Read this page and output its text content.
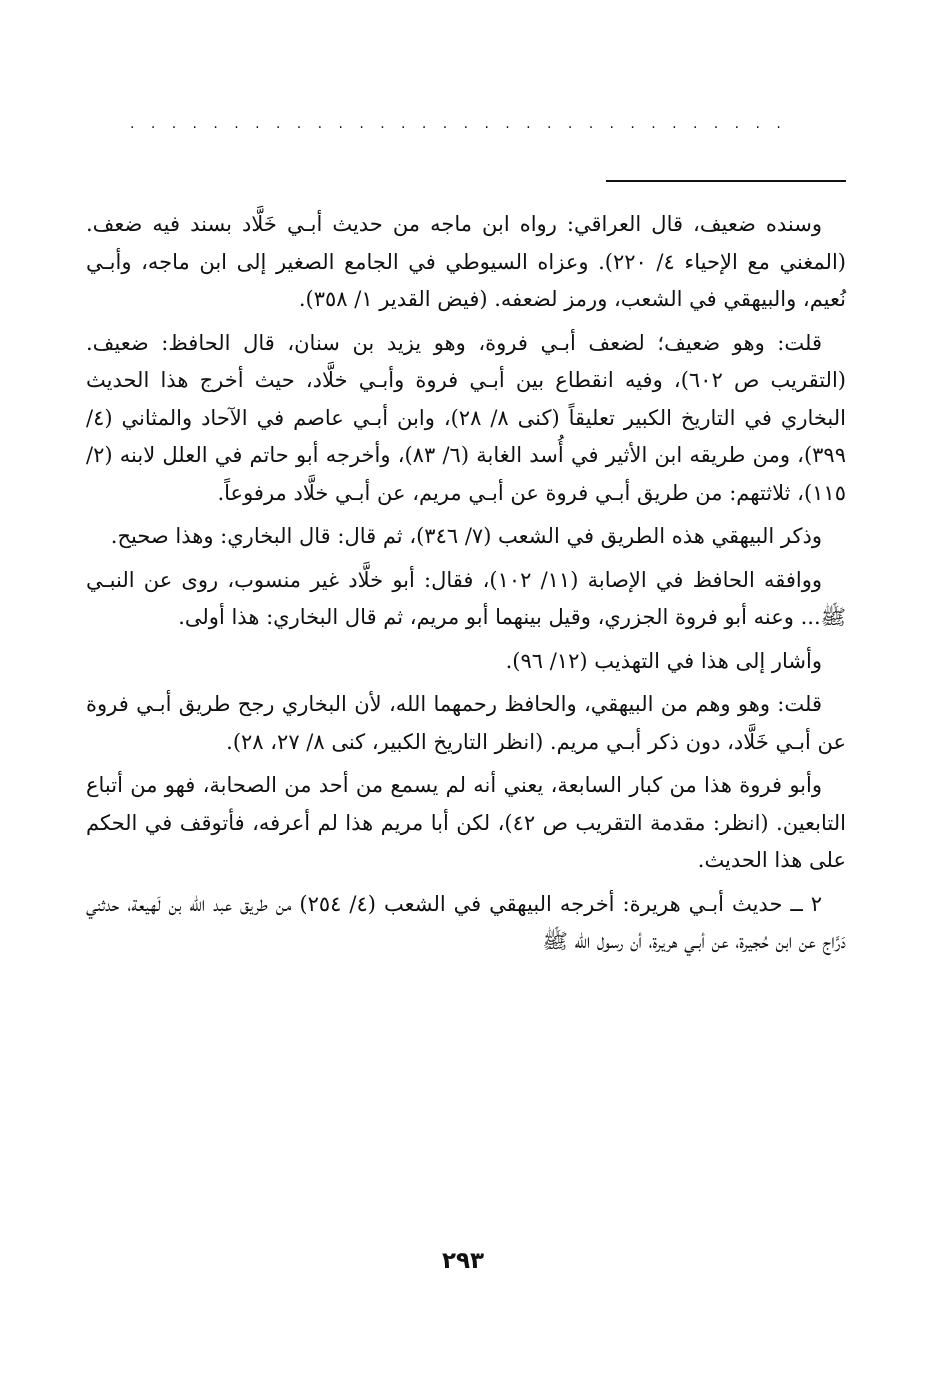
................................

وسنده ضعيف، قال العراقي: رواه ابن ماجه من حديث أبـي خَلَّاد بسند فيه ضعف. (المغني مع الإحياء ٤/ ٢٢٠). وعزاه السيوطي في الجامع الصغير إلى ابن ماجه، وأبـي نُعيم، والبيهقي في الشعب، ورمز لضعفه. (فيض القدير ١/ ٣٥٨).

قلت: وهو ضعيف؛ لضعف أبـي فروة، وهو يزيد بن سنان، قال الحافظ: ضعيف. (التقريب ص ٦٠٢)، وفيه انقطاع بين أبـي فروة وأبـي خلَّاد، حيث أخرج هذا الحديث البخاري في التاريخ الكبير تعليقاً (كنى ٨/ ٢٨)، وابن أبـي عاصم في الآحاد والمثاني (٤/ ٣٩٩)، ومن طريقه ابن الأثير في أُسد الغابة (٦/ ٨٣)، وأخرجه أبو حاتم في العلل لابنه (٢/ ١١٥)، ثلاثتهم: من طريق أبـي فروة عن أبـي مريم، عن أبـي خلَّاد مرفوعاً.

وذكر البيهقي هذه الطريق في الشعب (٧/ ٣٤٦)، ثم قال: قال البخاري: وهذا صحيح.

ووافقه الحافظ في الإصابة (١١/ ١٠٢)، فقال: أبو خلَّاد غير منسوب، روى عن النبـي ﷺ... وعنه أبو فروة الجزري، وقيل بينهما أبو مريم، ثم قال البخاري: هذا أولى.

وأشار إلى هذا في التهذيب (١٢/ ٩٦).

قلت: وهو وهم من البيهقي، والحافظ رحمهما الله، لأن البخاري رجح طريق أبـي فروة عن أبـي خَلَّاد، دون ذكر أبـي مريم. (انظر التاريخ الكبير، كنى ٨/ ٢٧، ٢٨).

وأبو فروة هذا من كبار السابعة، يعني أنه لم يسمع من أحد من الصحابة، فهو من أتباع التابعين. (انظر: مقدمة التقريب ص ٤٢)، لكن أبا مريم هذا لم أعرفه، فأتوقف في الحكم على هذا الحديث.

٢ ــ حديث أبـي هريرة: أخرجه البيهقي في الشعب (٤/ ٢٥٤) من طريق عبد الله بن لَهيعة، حدثني دَرَّاج عن ابن حُجيرة، عن أبـي هريرة، أن رسول الله ﷺ

٢٩٣
